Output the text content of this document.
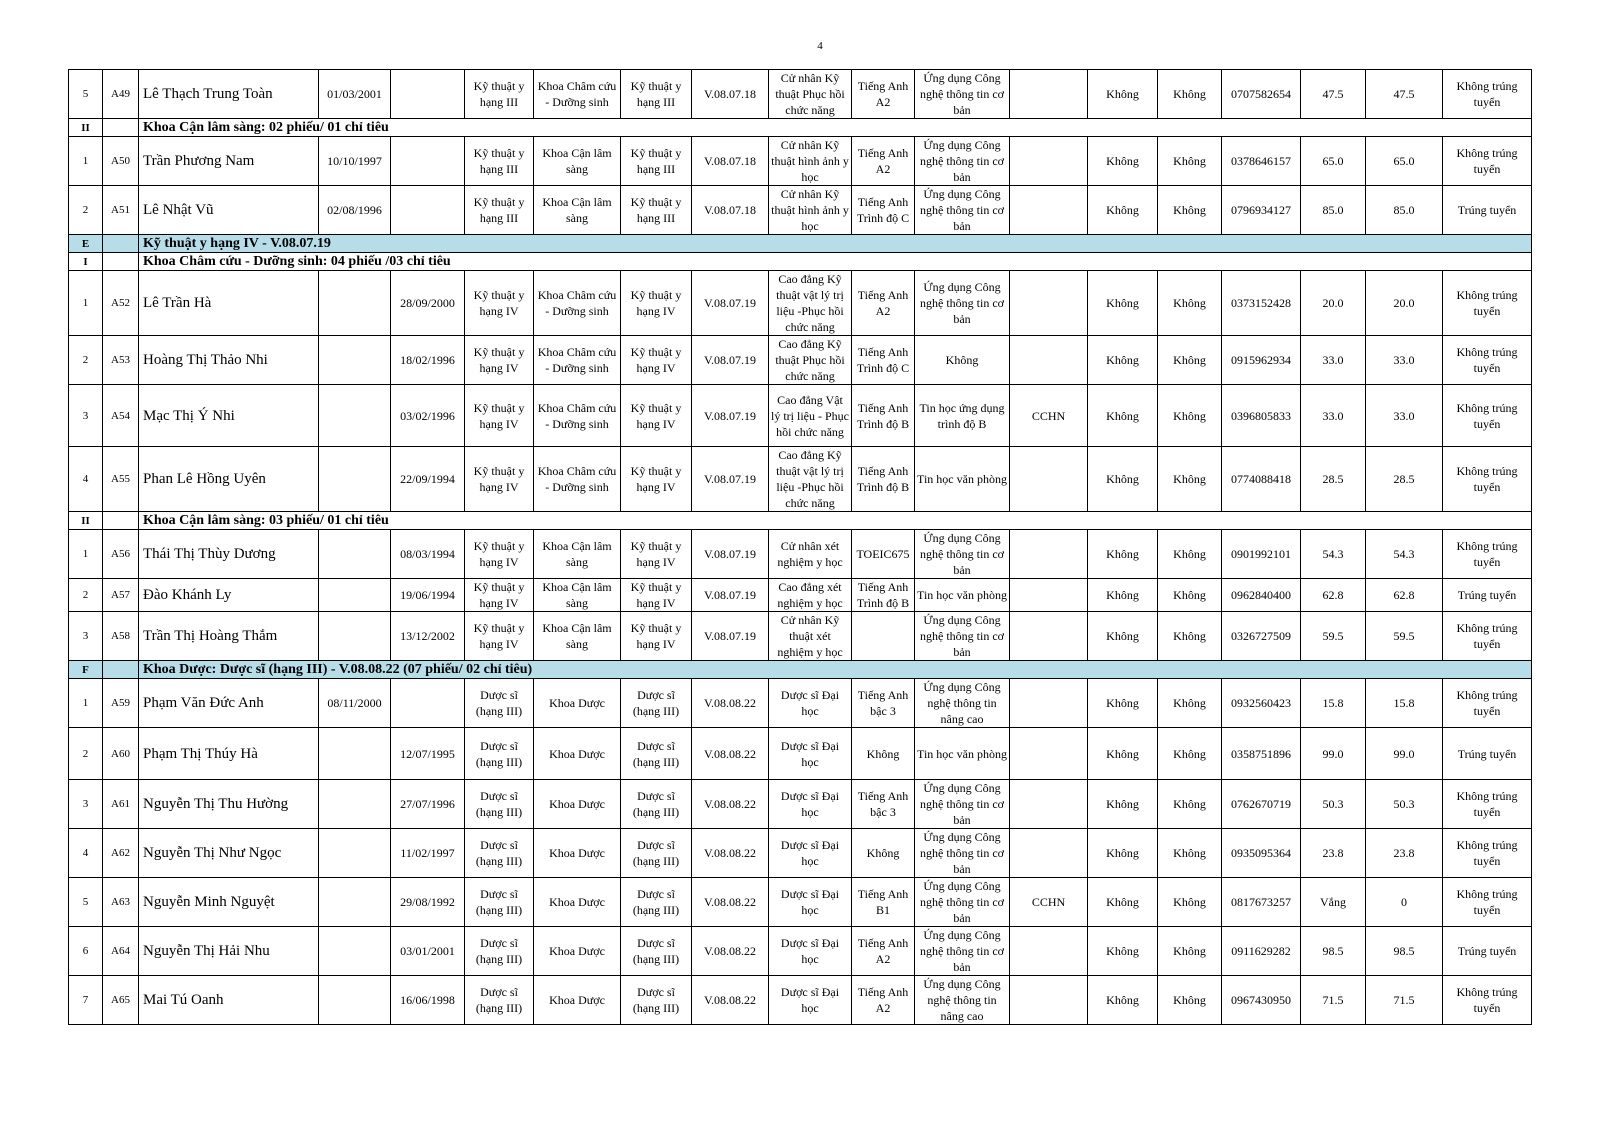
4
5	A49	Lê Thạch Trung Toàn	01/03/2001		Kỹ thuật y hạng III	Khoa Châm cứu - Dưỡng sinh	Kỹ thuật y hạng III	V.08.07.18	Cử nhân Kỹ thuật Phục hồi chức năng	Tiếng Anh A2	Ứng dụng Công nghệ thông tin cơ bản		Không	Không	0707582654	47.5	47.5	Không trúng tuyển
II		Khoa Cận lâm sàng: 02 phiếu/ 01 chỉ tiêu																
1	A50	Trần Phương Nam	10/10/1997		Kỹ thuật y hạng III	Khoa Cận lâm sàng	Kỹ thuật y hạng III	V.08.07.18	Cử nhân Kỹ thuật hình ảnh y học	Tiếng Anh A2	Ứng dụng Công nghệ thông tin cơ bản		Không	Không	0378646157	65.0	65.0	Không trúng tuyển
2	A51	Lê Nhật Vũ	02/08/1996		Kỹ thuật y hạng III	Khoa Cận lâm sàng	Kỹ thuật y hạng III	V.08.07.18	Cử nhân Kỹ thuật hình ảnh y học	Tiếng Anh Trình độ C	Ứng dụng Công nghệ thông tin cơ bản		Không	Không	0796934127	85.0	85.0	Trúng tuyển
E		Kỹ thuật y hạng IV - V.08.07.19																
I		Khoa Châm cứu - Dưỡng sinh: 04 phiếu /03 chỉ tiêu																
1	A52	Lê Trần Hà		28/09/2000	Kỹ thuật y hạng IV	Khoa Châm cứu - Dưỡng sinh	Kỹ thuật y hạng IV	V.08.07.19	Cao đẳng Kỹ thuật vật lý trị liệu -Phục hồi chức năng	Tiếng Anh A2	Ứng dụng Công nghệ thông tin cơ bản		Không	Không	0373152428	20.0	20.0	Không trúng tuyển
2	A53	Hoàng Thị Thảo Nhi		18/02/1996	Kỹ thuật y hạng IV	Khoa Châm cứu - Dưỡng sinh	Kỹ thuật y hạng IV	V.08.07.19	Cao đẳng Kỹ thuật Phục hồi chức năng	Tiếng Anh Trình độ C	Không		Không	Không	0915962934	33.0	33.0	Không trúng tuyển
3	A54	Mạc Thị Ý Nhi		03/02/1996	Kỹ thuật y hạng IV	Khoa Châm cứu - Dưỡng sinh	Kỹ thuật y hạng IV	V.08.07.19	Cao đẳng Vật lý trị liệu - Phục hồi chức năng	Tiếng Anh Trình độ B	Tin học ứng dụng trình độ B	CCHN	Không	Không	0396805833	33.0	33.0	Không trúng tuyển
4	A55	Phan Lê Hồng Uyên		22/09/1994	Kỹ thuật y hạng IV	Khoa Châm cứu - Dưỡng sinh	Kỹ thuật y hạng IV	V.08.07.19	Cao đẳng Kỹ thuật vật lý trị liệu -Phục hồi chức năng	Tiếng Anh Trình độ B	Tin học văn phòng		Không	Không	0774088418	28.5	28.5	Không trúng tuyển
II		Khoa Cận lâm sàng: 03 phiếu/ 01 chỉ tiêu																
1	A56	Thái Thị Thùy Dương		08/03/1994	Kỹ thuật y hạng IV	Khoa Cận lâm sàng	Kỹ thuật y hạng IV	V.08.07.19	Cử nhân xét nghiệm y học	TOEIC675	Ứng dụng Công nghệ thông tin cơ bản		Không	Không	0901992101	54.3	54.3	Không trúng tuyển
2	A57	Đào Khánh Ly		19/06/1994	Kỹ thuật y hạng IV	Khoa Cận lâm sàng	Kỹ thuật y hạng IV	V.08.07.19	Cao đẳng xét nghiệm y học	Tiếng Anh Trình độ B	Tin học văn phòng		Không	Không	0962840400	62.8	62.8	Trúng tuyển
3	A58	Trần Thị Hoàng Thắm		13/12/2002	Kỹ thuật y hạng IV	Khoa Cận lâm sàng	Kỹ thuật y hạng IV	V.08.07.19	Cử nhân Kỹ thuật xét nghiệm y học		Ứng dụng Công nghệ thông tin cơ bản		Không	Không	0326727509	59.5	59.5	Không trúng tuyển
F		Khoa Dược: Dược sĩ (hạng III) - V.08.08.22 (07 phiếu/ 02 chỉ tiêu)																
1	A59	Phạm Văn Đức Anh	08/11/2000		Dược sĩ (hạng III)	Khoa Dược	Dược sĩ (hạng III)	V.08.08.22	Dược sĩ Đại học	Tiếng Anh bậc 3	Ứng dụng Công nghệ thông tin nâng cao		Không	Không	0932560423	15.8	15.8	Không trúng tuyển
2	A60	Phạm Thị Thúy Hà		12/07/1995	Dược sĩ (hạng III)	Khoa Dược	Dược sĩ (hạng III)	V.08.08.22	Dược sĩ Đại học	Không	Tin học văn phòng		Không	Không	0358751896	99.0	99.0	Trúng tuyển
3	A61	Nguyễn Thị Thu Hường		27/07/1996	Dược sĩ (hạng III)	Khoa Dược	Dược sĩ (hạng III)	V.08.08.22	Dược sĩ Đại học	Tiếng Anh bậc 3	Ứng dụng Công nghệ thông tin cơ bản		Không	Không	0762670719	50.3	50.3	Không trúng tuyển
4	A62	Nguyễn Thị Như Ngọc		11/02/1997	Dược sĩ (hạng III)	Khoa Dược	Dược sĩ (hạng III)	V.08.08.22	Dược sĩ Đại học	Không	Ứng dụng Công nghệ thông tin cơ bản		Không	Không	0935095364	23.8	23.8	Không trúng tuyển
5	A63	Nguyễn Minh Nguyệt		29/08/1992	Dược sĩ (hạng III)	Khoa Dược	Dược sĩ (hạng III)	V.08.08.22	Dược sĩ Đại học	Tiếng Anh B1	Ứng dụng Công nghệ thông tin cơ bản	CCHN	Không	Không	0817673257	Vắng	0	Không trúng tuyển
6	A64	Nguyễn Thị Hải Nhu		03/01/2001	Dược sĩ (hạng III)	Khoa Dược	Dược sĩ (hạng III)	V.08.08.22	Dược sĩ Đại học	Tiếng Anh A2	Ứng dụng Công nghệ thông tin cơ bản		Không	Không	0911629282	98.5	98.5	Trúng tuyển
7	A65	Mai Tú Oanh		16/06/1998	Dược sĩ (hạng III)	Khoa Dược	Dược sĩ (hạng III)	V.08.08.22	Dược sĩ Đại học	Tiếng Anh A2	Ứng dụng Công nghệ thông tin nâng cao		Không	Không	0967430950	71.5	71.5	Không trúng tuyển
